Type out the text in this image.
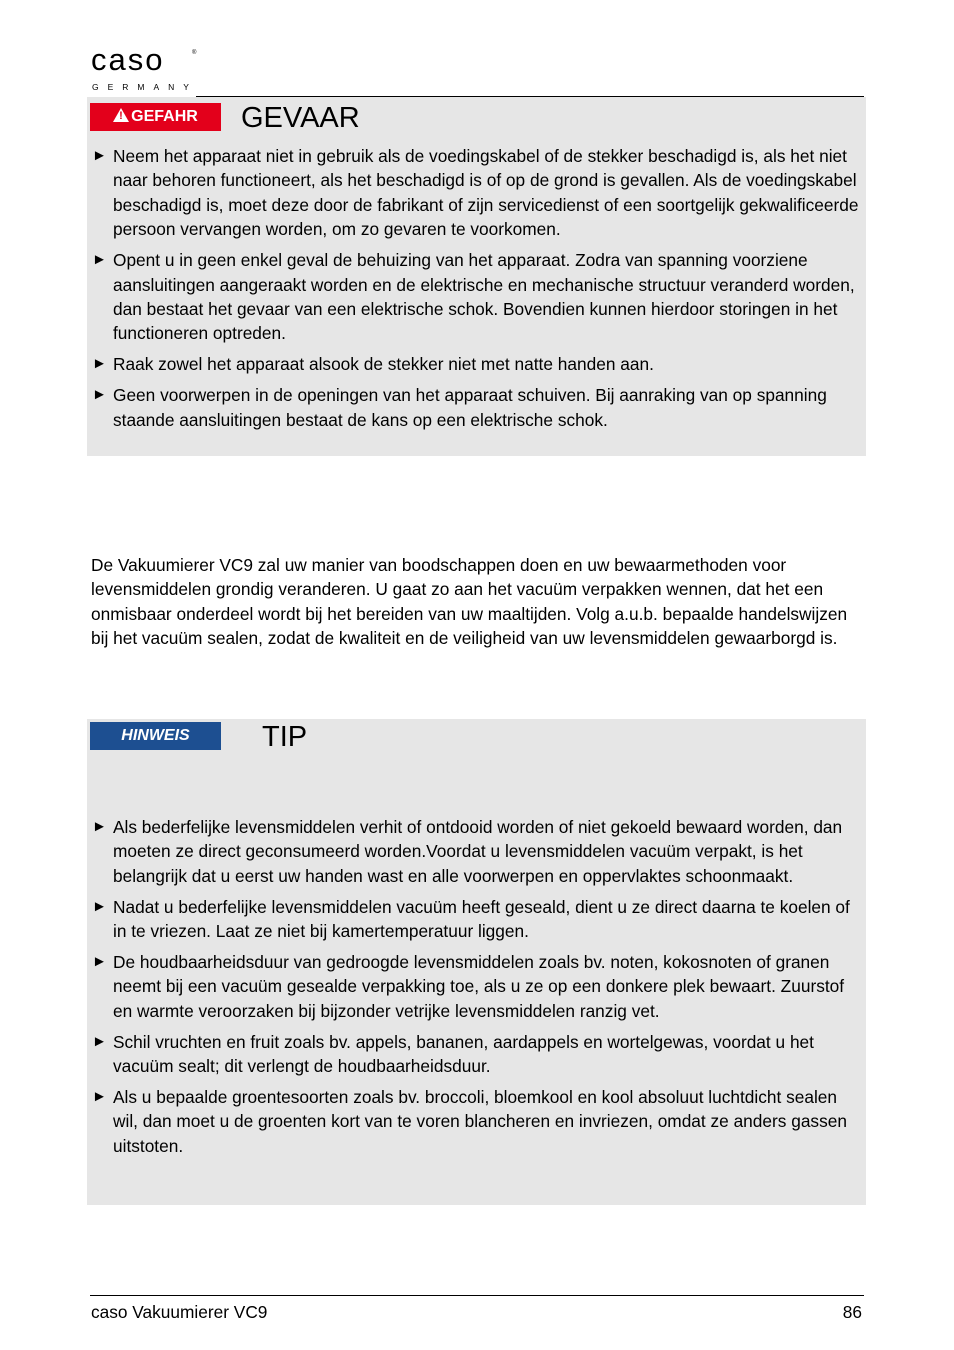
caso	®
GERMANY
! GEFAHR	GEVAAR
► Neem het apparaat niet in gebruik als de voedingskabel of de stekker beschadigd is, als het niet naar behoren functioneert, als het beschadigd is of op de grond is gevallen. Als de voedingskabel beschadigd is, moet deze door de fabrikant of zijn servicedienst of een soortgelijk gekwalificeerde persoon vervangen worden, om zo gevaren te voorkomen.
► Opent u in geen enkel geval de behuizing van het apparaat. Zodra van spanning voorziene aansluitingen aangeraakt worden en de elektrische en mechanische structuur veranderd worden, dan bestaat het gevaar van een elektrische schok. Bovendien kunnen hierdoor storingen in het functioneren optreden.
► Raak zowel het apparaat alsook de stekker niet met natte handen aan.
► Geen voorwerpen in de openingen van het apparaat schuiven. Bij aanraking van op spanning staande aansluitingen bestaat de kans op een elektrische schok.

De Vakuumierer VC9 zal uw manier van boodschappen doen en uw bewaarmethoden voor levensmiddelen grondig veranderen. U gaat zo aan het vacuüm verpakken wennen, dat het een onmisbaar onderdeel wordt bij het bereiden van uw maaltijden. Volg a.u.b. bepaalde handelswijzen bij het vacuüm sealen, zodat de kwaliteit en de veiligheid van uw levensmiddelen gewaarborgd is.

HINWEIS	TIP
► Als bederfelijke levensmiddelen verhit of ontdooid worden of niet gekoeld bewaard worden, dan moeten ze direct geconsumeerd worden.Voordat u levensmiddelen vacuüm verpakt, is het belangrijk dat u eerst uw handen wast en alle voorwerpen en oppervlaktes schoonmaakt.
► Nadat u bederfelijke levensmiddelen vacuüm heeft geseald, dient u ze direct daarna te koelen of in te vriezen. Laat ze niet bij kamertemperatuur liggen.
► De houdbaarheidsduur van gedroogde levensmiddelen zoals bv. noten, kokosnoten of granen neemt bij een vacuüm gesealde verpakking toe, als u ze op een donkere plek bewaart. Zuurstof en warmte veroorzaken bij bijzonder vetrijke levensmiddelen ranzig vet.
► Schil vruchten en fruit zoals bv. appels, bananen, aardappels en wortelgewas, voordat u het vacuüm sealt; dit verlengt de houdbaarheidsduur.
► Als u bepaalde groentesoorten zoals bv. broccoli, bloemkool en kool absoluut luchtdicht sealen wil, dan moet u de groenten kort van te voren blancheren en invriezen, omdat ze anders gassen uitstoten.
caso Vakuumierer VC9	86
